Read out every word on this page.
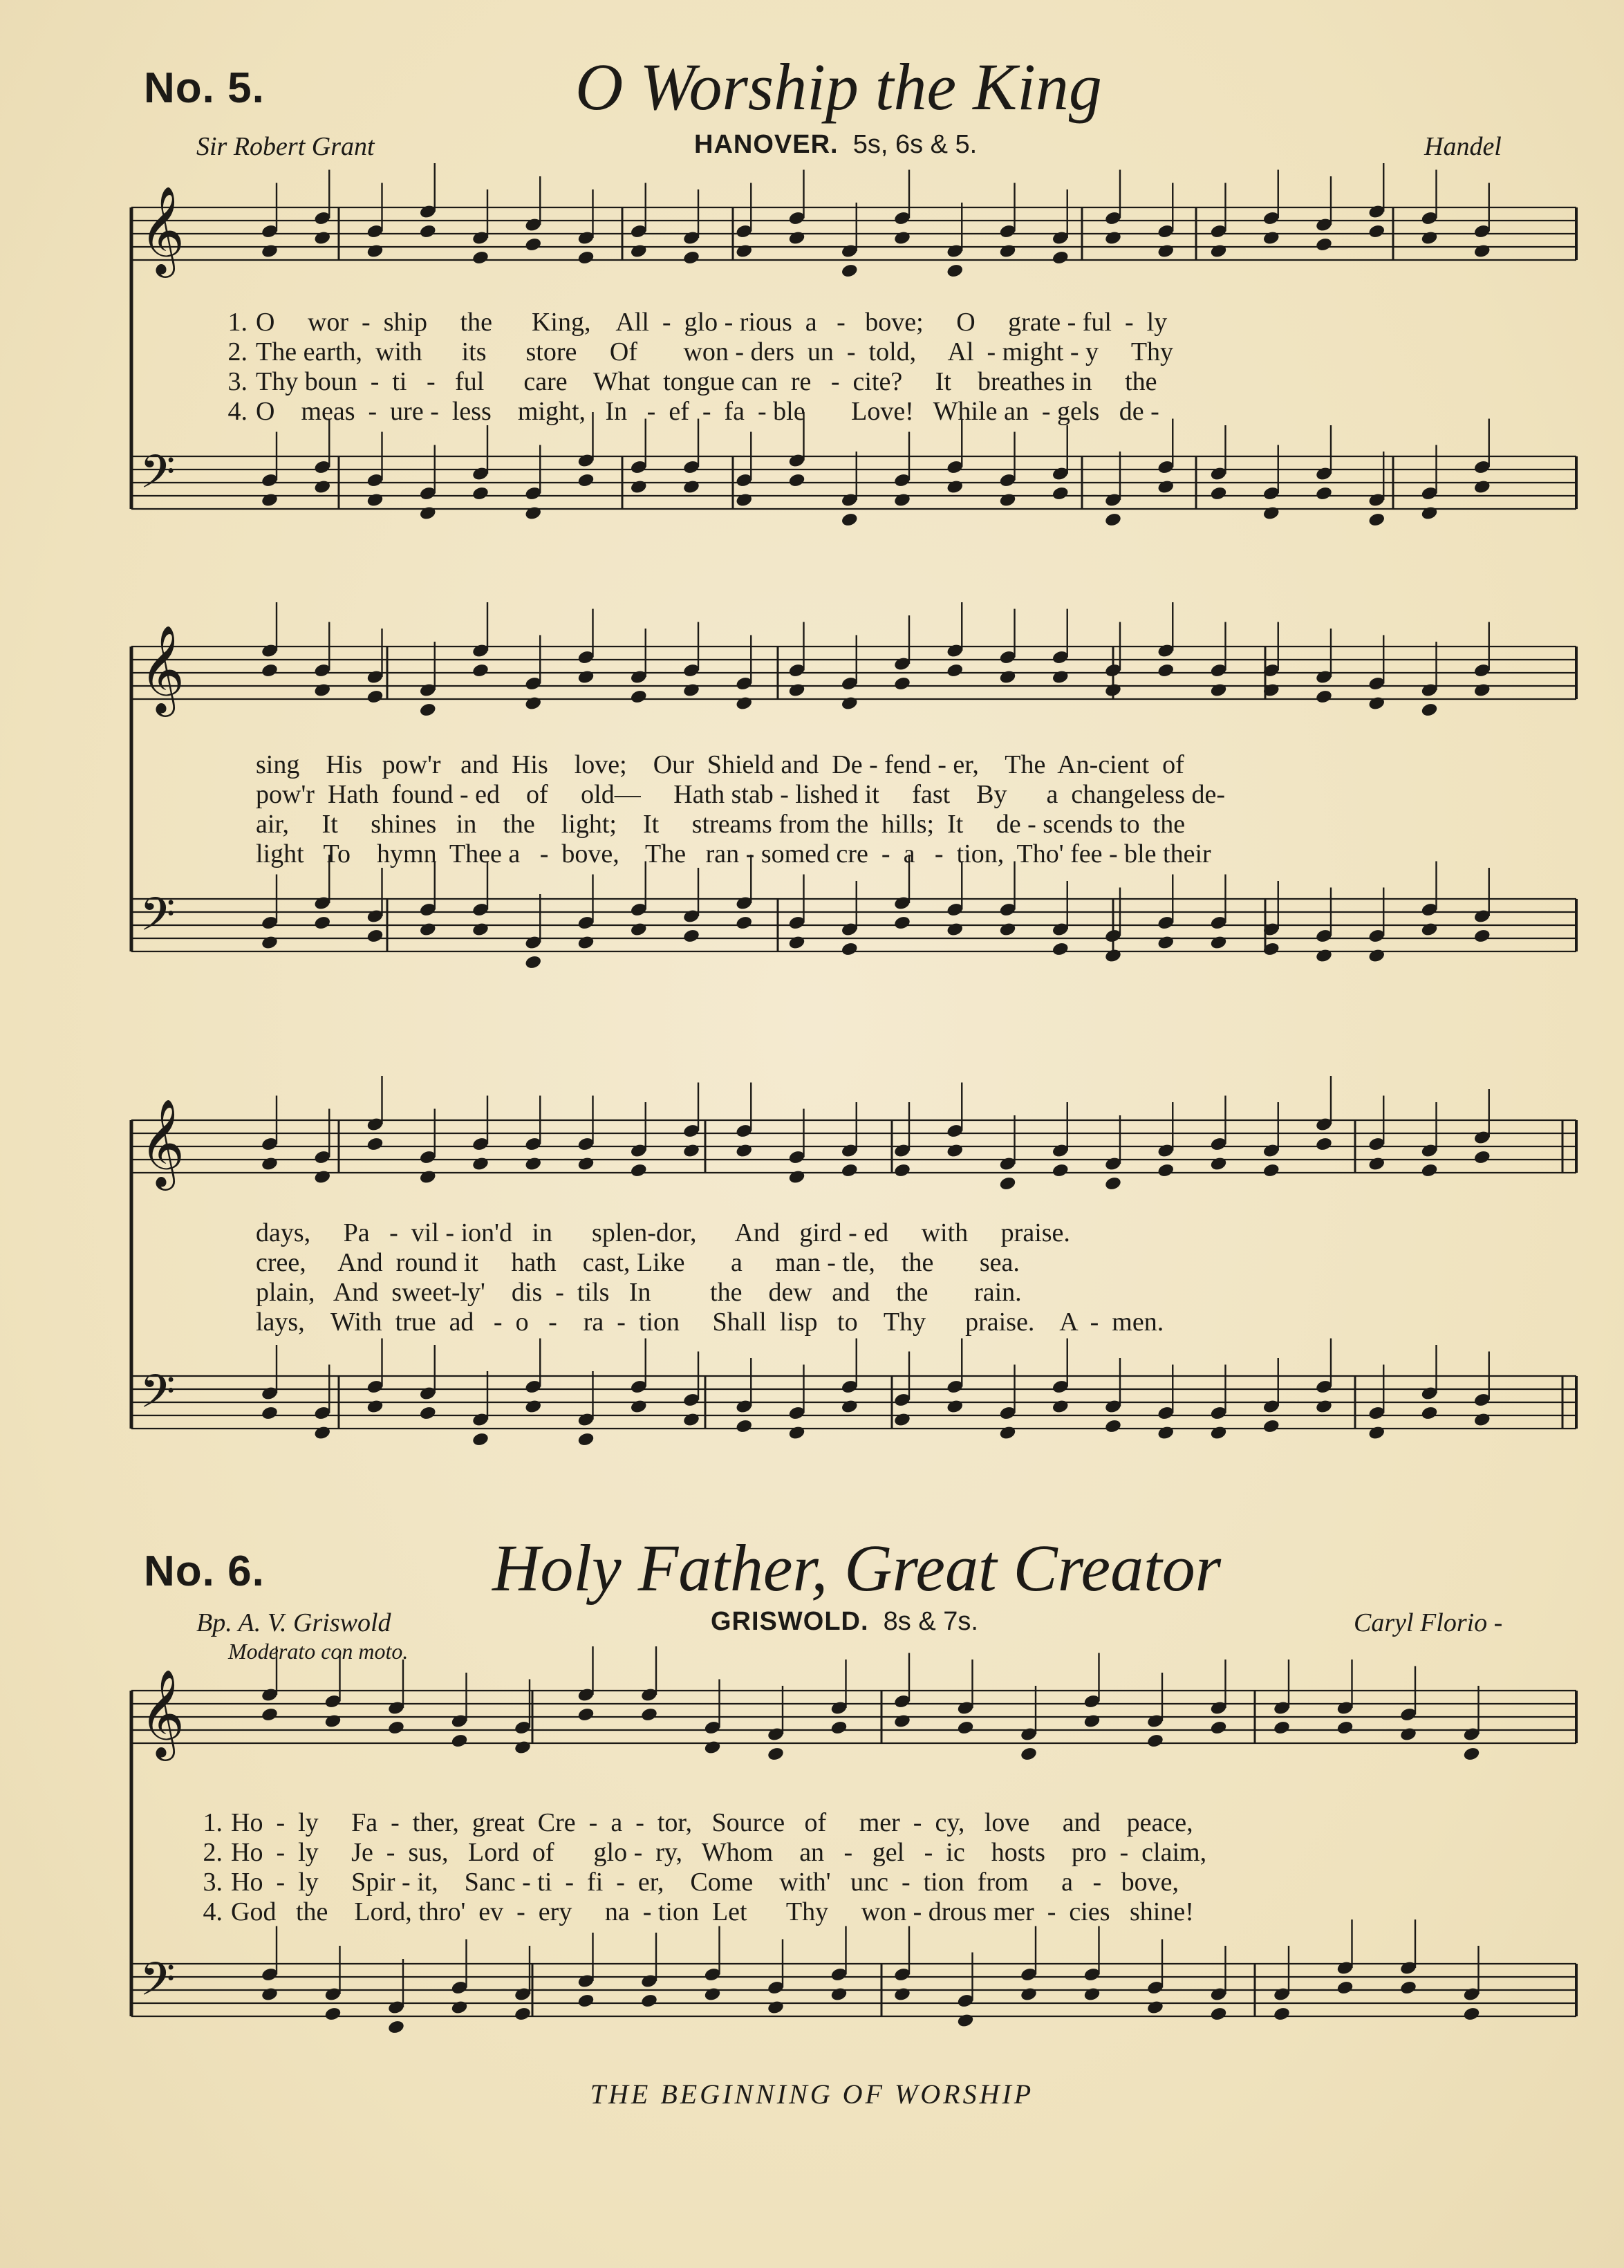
No. 5.	O Worship the King
Sir Robert Grant	HANOVER. 5s, 6s & 5.	Handel
No. 6.	Holy Father, Great Creator
Bp. A. V. Griswold
Moderato con moto.
GRISWOLD. 8s & 7s.	Caryl Florio -
𝄞
𝄢
𝄞
𝄢
𝄞
𝄢
𝄞
𝄢
1. O     wor  -  ship     the      King,    All  -  glo - rious  a   -   bove;     O     grate - ful  -  ly
2. The earth,  with      its      store     Of       won - ders  un  -  told,     Al  - might - y     Thy
3. Thy boun  -  ti   -   ful      care    What  tongue can  re   -  cite?     It    breathes in     the
4. O    meas  -  ure -  less    might,   In   -  ef  -  fa  - ble       Love!   While an  - gels   de -
sing    His   pow'r   and  His    love;    Our  Shield and  De - fend - er,    The  An-cient  of
pow'r  Hath  found - ed    of     old—     Hath stab - lished it     fast    By      a  changeless de-
air,     It     shines   in    the    light;    It     streams from the  hills;  It     de - scends to  the
light   To    hymn  Thee a   -  bove,    The   ran - somed cre  -  a   -  tion,  Tho' fee - ble their
days,     Pa   -  vil - ion'd   in      splen-dor,      And   gird - ed     with     praise.
cree,     And  round it     hath    cast, Like       a     man - tle,    the       sea.
plain,   And  sweet-ly'    dis  -  tils   In         the    dew   and    the       rain.
lays,    With  true  ad   -  o   -    ra  -  tion     Shall  lisp   to    Thy      praise.    A  -  men.
1. Ho  -  ly     Fa  -  ther,  great  Cre  -  a  -  tor,   Source   of     mer  -  cy,   love     and    peace,
2. Ho  -  ly     Je  -  sus,   Lord  of      glo -  ry,   Whom    an   -   gel   -  ic    hosts    pro  -  claim,
3. Ho  -  ly     Spir - it,    Sanc - ti  -  fi  -  er,    Come    with'   unc  -  tion  from     a   -   bove,
4. God   the    Lord, thro'  ev  -  ery     na  - tion  Let      Thy     won - drous mer  -  cies   shine!
THE BEGINNING OF WORSHIP
